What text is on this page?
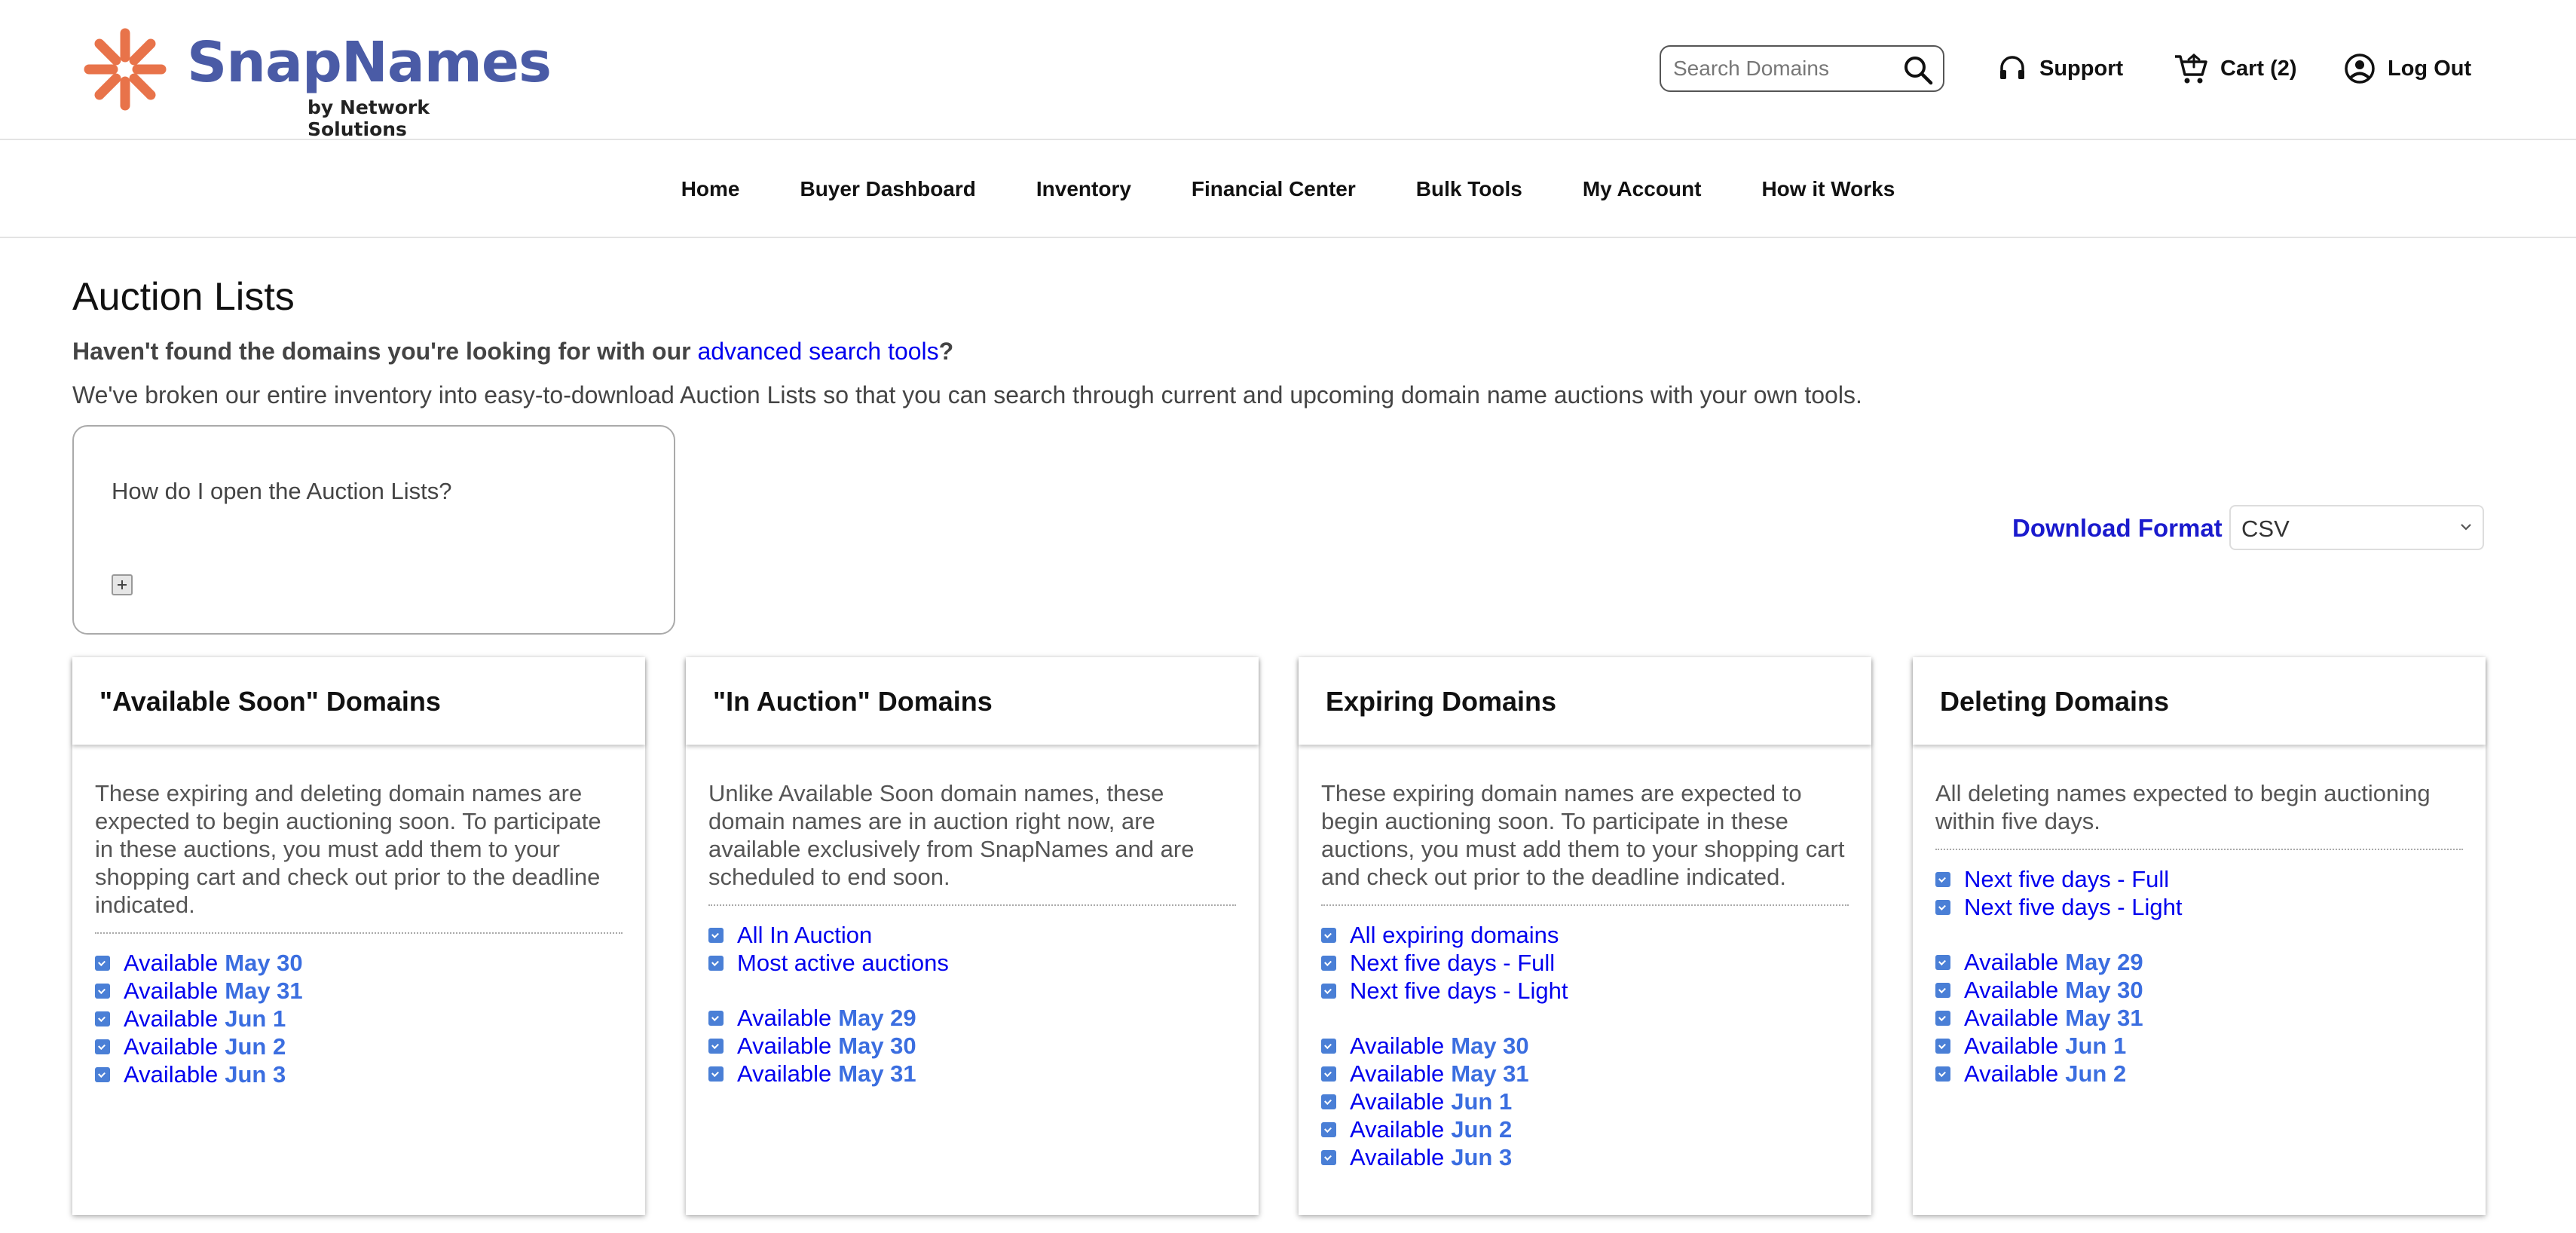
SnapNames
by Network Solutions
Search Domains
Support	Cart (2)	Log Out
Home	Buyer Dashboard	Inventory	Financial Center	Bulk Tools	My Account	How it Works
Auction Lists
Haven't found the domains you're looking for with our advanced search tools?
We've broken our entire inventory into easy-to-download Auction Lists so that you can search through current and upcoming domain name auctions with your own tools.
How do I open the Auction Lists?
Download Format CSV
"Available Soon" Domains
These expiring and deleting domain names are expected to begin auctioning soon. To participate in these auctions, you must add them to your shopping cart and check out prior to the deadline indicated.
Available May 30
Available May 31
Available Jun 1
Available Jun 2
Available Jun 3
"In Auction" Domains
Unlike Available Soon domain names, these domain names are in auction right now, are available exclusively from SnapNames and are scheduled to end soon.
All In Auction
Most active auctions
Available May 29
Available May 30
Available May 31
Expiring Domains
These expiring domain names are expected to begin auctioning soon. To participate in these auctions, you must add them to your shopping cart and check out prior to the deadline indicated.
All expiring domains
Next five days - Full
Next five days - Light
Available May 30
Available May 31
Available Jun 1
Available Jun 2
Available Jun 3
Deleting Domains
All deleting names expected to begin auctioning within five days.
Next five days - Full
Next five days - Light
Available May 29
Available May 30
Available May 31
Available Jun 1
Available Jun 2
